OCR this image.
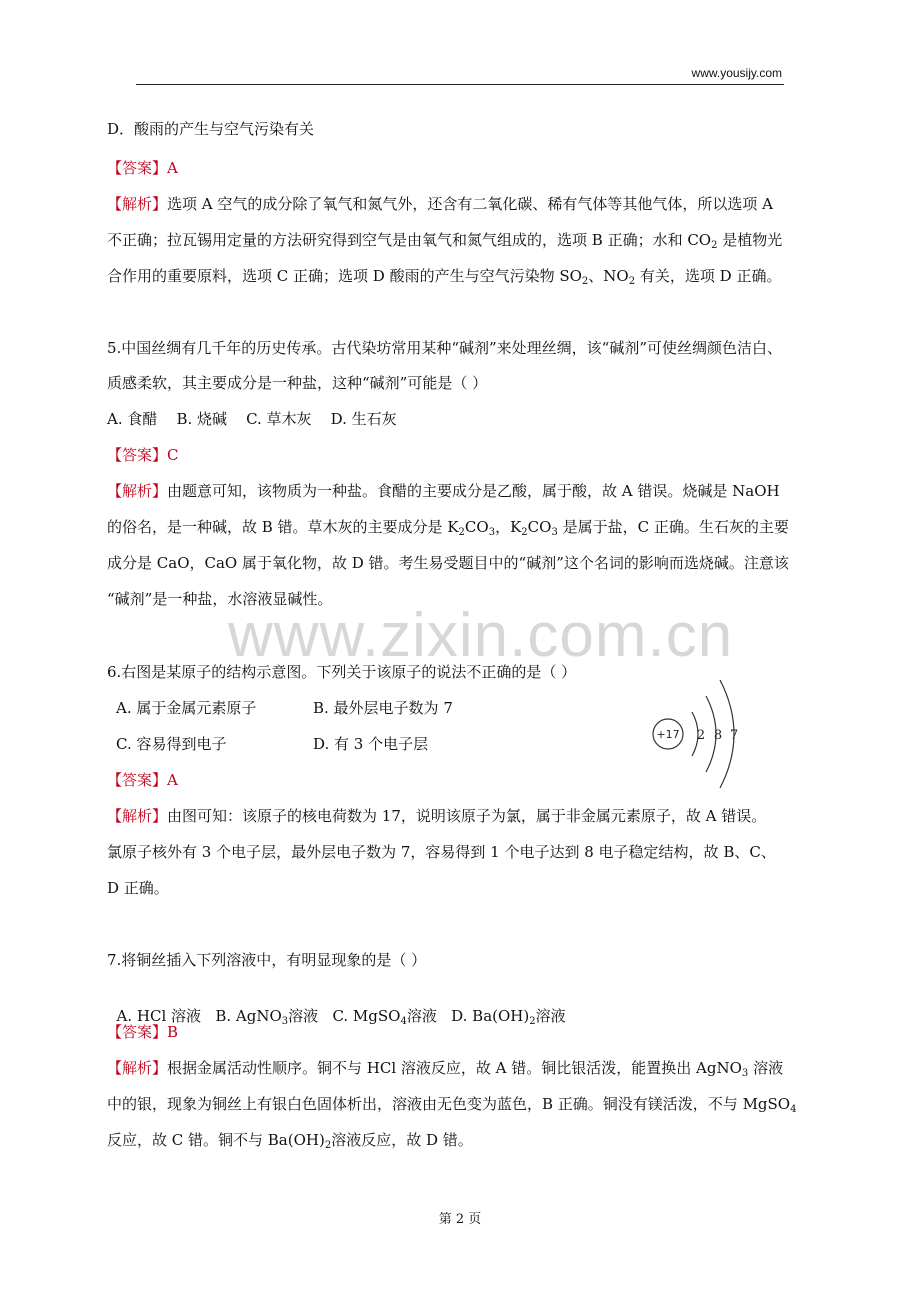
www.yousijy.com
www.zixin.com.cn
D．酸雨的产生与空气污染有关
【答案】A
【解析】选项 A 空气的成分除了氧气和氮气外，还含有二氧化碳、稀有气体等其他气体，所以选项 A
不正确；拉瓦锡用定量的方法研究得到空气是由氧气和氮气组成的，选项 B 正确；水和 $CO_2$ 是植物光
合作用的重要原料，选项 C 正确；选项 D 酸雨的产生与空气污染物 $SO_2$、$NO_2$ 有关，选项 D 正确。
5.中国丝绸有几千年的历史传承。古代染坊常用某种“碱剂”来处理丝绸，该“碱剂”可使丝绸颜色洁白、
质感柔软，其主要成分是一种盐，这种“碱剂”可能是（ ）
A. 食醋    B. 烧碱    C. 草木灰    D. 生石灰
【答案】C
【解析】由题意可知，该物质为一种盐。食醋的主要成分是乙酸，属于酸，故 A 错误。烧碱是 NaOH
的俗名，是一种碱，故 B 错。草木灰的主要成分是 $K_2CO_3$，$K_2CO_3$ 是属于盐，C 正确。生石灰的主要
成分是 CaO，CaO 属于氧化物，故 D 错。考生易受题目中的“碱剂”这个名词的影响而选烧碱。注意该
“碱剂”是一种盐，水溶液显碱性。
6.右图是某原子的结构示意图。下列关于该原子的说法不正确的是（ ）
A. 属于金属元素原子	B. 最外层电子数为 7
C. 容易得到电子	D. 有 3 个电子层
+17 2 8 7
【答案】A
【解析】由图可知：该原子的核电荷数为 17，说明该原子为氯，属于非金属元素原子，故 A 错误。
氯原子核外有 3 个电子层，最外层电子数为 7，容易得到 1 个电子达到 8 电子稳定结构，故 B、C、
D 正确。
7.将铜丝插入下列溶液中，有明显现象的是（ ）

A. HCl 溶液   B. AgNO$_3$溶液   C. MgSO$_4$溶液   D. $Ba(OH)_2$溶液

【答案】B
【解析】根据金属活动性顺序。铜不与 HCl 溶液反应，故 A 错。铜比银活泼，能置换出 AgNO$_3$ 溶液
中的银，现象为铜丝上有银白色固体析出，溶液由无色变为蓝色，B 正确。铜没有镁活泼，不与 MgSO$_4$
反应，故 C 错。铜不与 $Ba(OH)_2$溶液反应，故 D 错。
第 2 页
